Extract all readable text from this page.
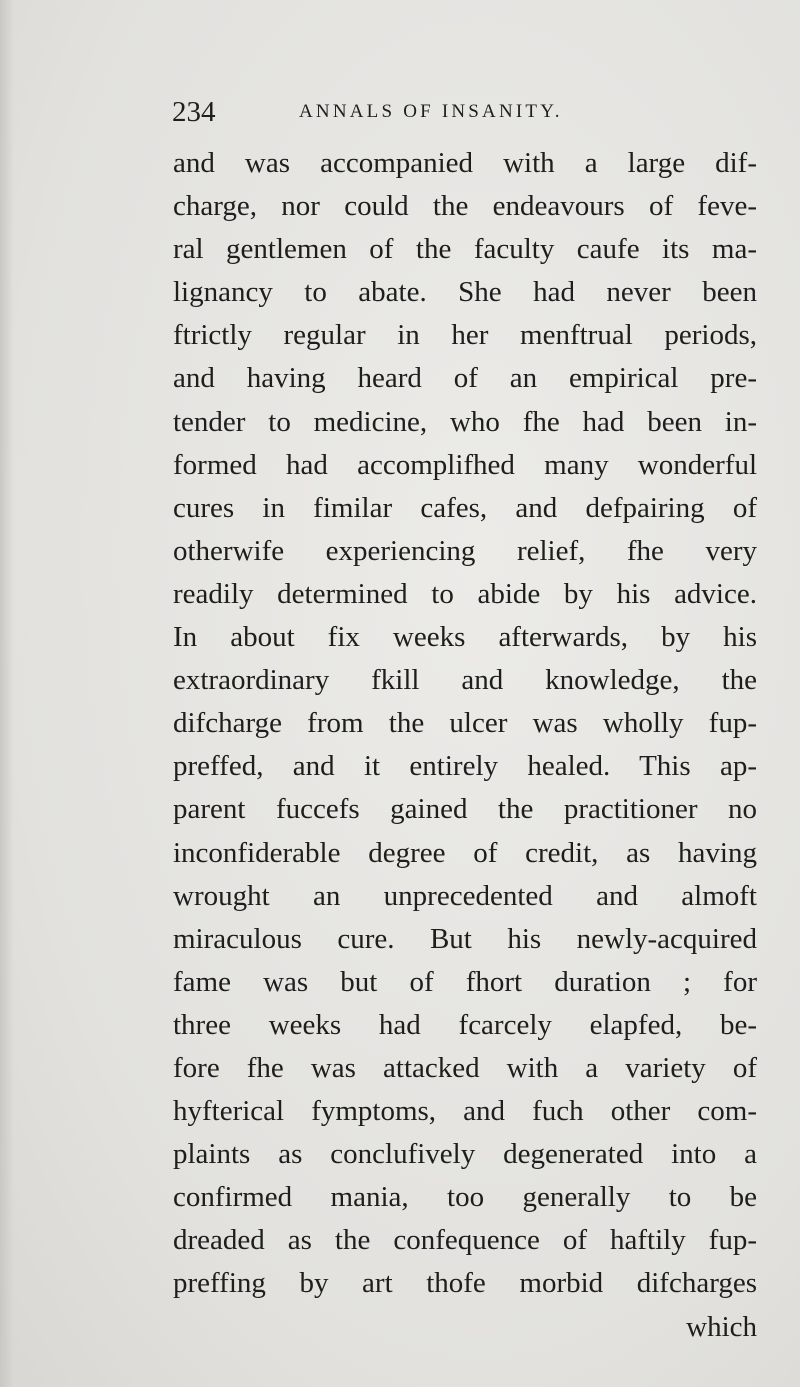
234	ANNALS OF INSANITY.
and was accompanied with a large dif-
charge, nor could the endeavours of feve-
ral gentlemen of the faculty caufe its ma-
lignancy to abate. She had never been
ftrictly regular in her menftrual periods,
and having heard of an empirical pre-
tender to medicine, who fhe had been in-
formed had accomplifhed many wonderful
cures in fimilar cafes, and defpairing of
otherwife experiencing relief, fhe very
readily determined to abide by his advice.
In about fix weeks afterwards, by his
extraordinary fkill and knowledge, the
difcharge from the ulcer was wholly fup-
preffed, and it entirely healed. This ap-
parent fuccefs gained the practitioner no
inconfiderable degree of credit, as having
wrought an unprecedented and almoft
miraculous cure. But his newly-acquired
fame was but of fhort duration ; for
three weeks had fcarcely elapfed, be-
fore fhe was attacked with a variety of
hyfterical fymptoms, and fuch other com-
plaints as conclufively degenerated into a
confirmed mania, too generally to be
dreaded as the confequence of haftily fup-
preffing by art thofe morbid difcharges
which
